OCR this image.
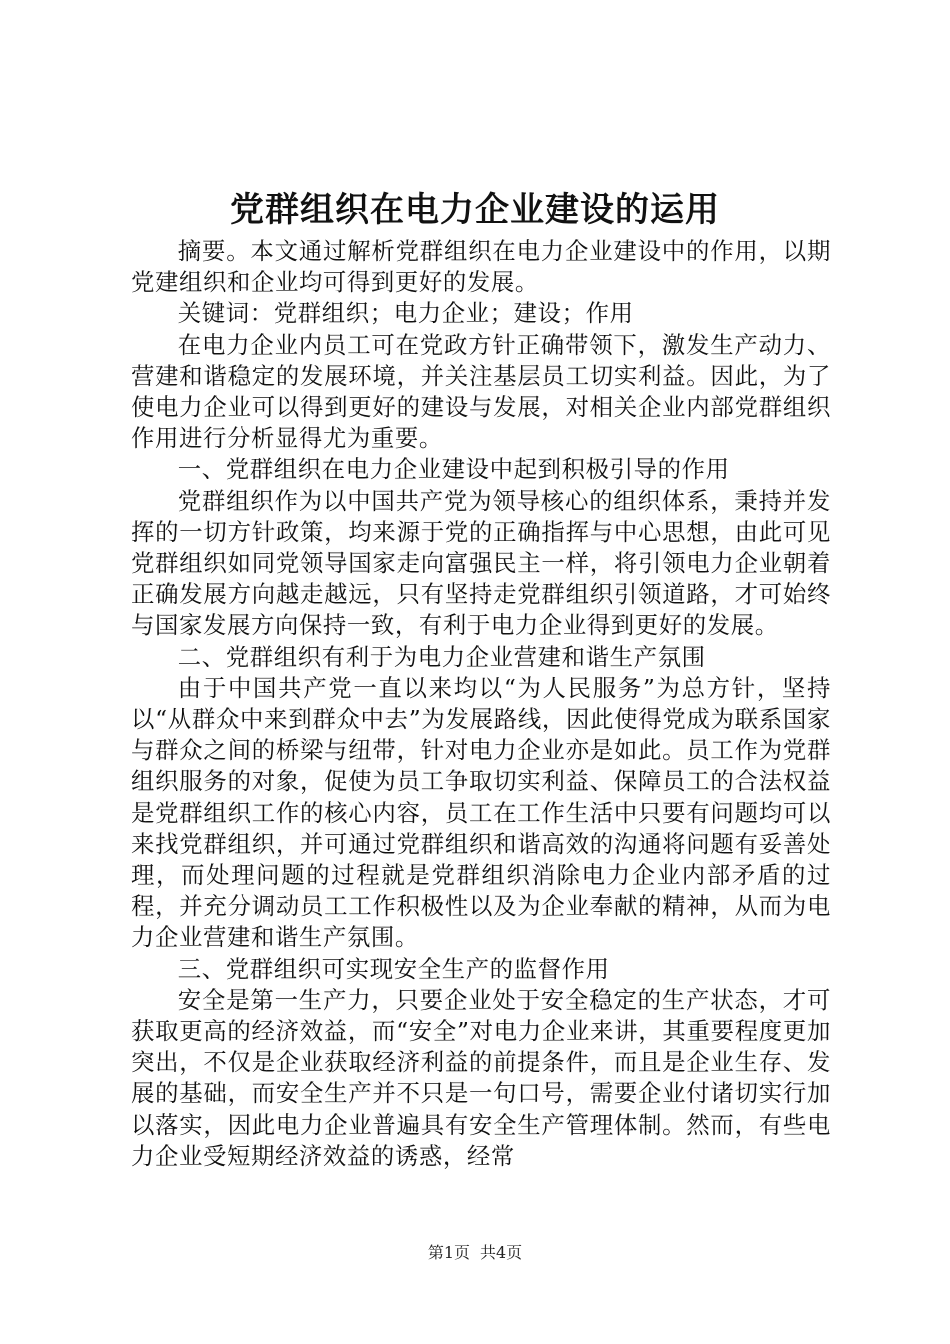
党群组织在电力企业建设的运用

摘要。本文通过解析党群组织在电力企业建设中的作用，以期党建组织和企业均可得到更好的发展。

关键词：党群组织；电力企业；建设；作用

在电力企业内员工可在党政方针正确带领下，激发生产动力、营建和谐稳定的发展环境，并关注基层员工切实利益。因此，为了使电力企业可以得到更好的建设与发展，对相关企业内部党群组织作用进行分析显得尤为重要。

一、党群组织在电力企业建设中起到积极引导的作用

党群组织作为以中国共产党为领导核心的组织体系，秉持并发挥的一切方针政策，均来源于党的正确指挥与中心思想，由此可见党群组织如同党领导国家走向富强民主一样，将引领电力企业朝着正确发展方向越走越远，只有坚持走党群组织引领道路，才可始终与国家发展方向保持一致，有利于电力企业得到更好的发展。

二、党群组织有利于为电力企业营建和谐生产氛围

由于中国共产党一直以来均以“为人民服务”为总方针，坚持以“从群众中来到群众中去”为发展路线，因此使得党成为联系国家与群众之间的桥梁与纽带，针对电力企业亦是如此。员工作为党群组织服务的对象，促使为员工争取切实利益、保障员工的合法权益是党群组织工作的核心内容，员工在工作生活中只要有问题均可以来找党群组织，并可通过党群组织和谐高效的沟通将问题有妥善处理，而处理问题的过程就是党群组织消除电力企业内部矛盾的过程，并充分调动员工工作积极性以及为企业奉献的精神，从而为电力企业营建和谐生产氛围。

三、党群组织可实现安全生产的监督作用

安全是第一生产力，只要企业处于安全稳定的生产状态，才可获取更高的经济效益，而“安全”对电力企业来讲，其重要程度更加突出，不仅是企业获取经济利益的前提条件，而且是企业生存、发展的基础，而安全生产并不只是一句口号，需要企业付诸切实行加以落实，因此电力企业普遍具有安全生产管理体制。然而，有些电力企业受短期经济效益的诱惑，经常

第1页 共4页
